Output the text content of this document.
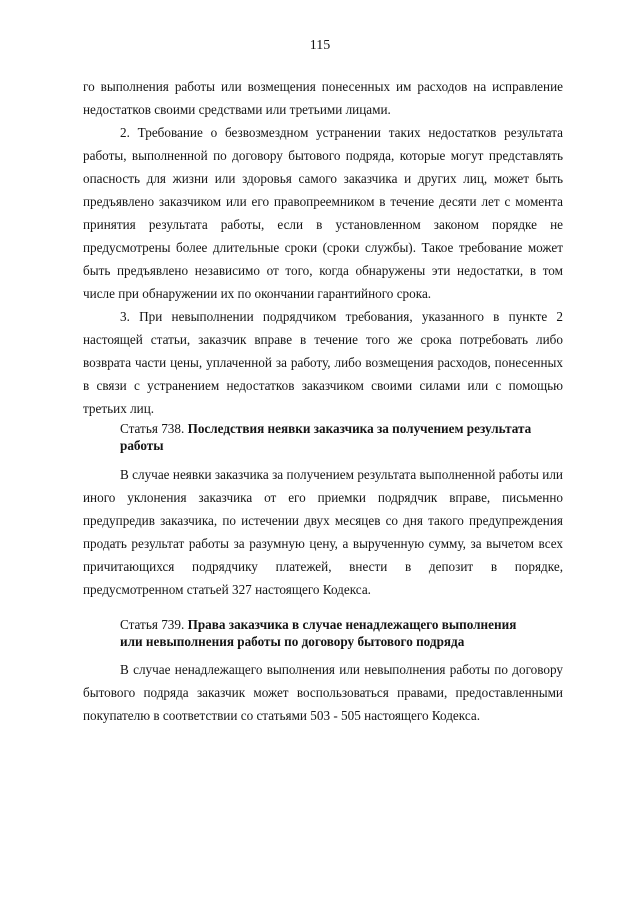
115

го выполнения работы или возмещения понесенных им расходов на исправление недостатков своими средствами или третьими лицами.

2. Требование о безвозмездном устранении таких недостатков результата работы, выполненной по договору бытового подряда, которые могут представлять опасность для жизни или здоровья самого заказчика и других лиц, может быть предъявлено заказчиком или его правопреемником в течение десяти лет с момента принятия результата работы, если в установленном законом порядке не предусмотрены более длительные сроки (сроки службы). Такое требование может быть предъявлено независимо от того, когда обнаружены эти недостатки, в том числе при обнаружении их по окончании гарантийного срока.

3. При невыполнении подрядчиком требования, указанного в пункте 2 настоящей статьи, заказчик вправе в течение того же срока потребовать либо возврата части цены, уплаченной за работу, либо возмещения расходов, понесенных в связи с устранением недостатков заказчиком своими силами или с помощью третьих лиц.

Статья 738. Последствия неявки заказчика за получением результата работы

В случае неявки заказчика за получением результата выполненной работы или иного уклонения заказчика от его приемки подрядчик вправе, письменно предупредив заказчика, по истечении двух месяцев со дня такого предупреждения продать результат работы за разумную цену, а вырученную сумму, за вычетом всех причитающихся подрядчику платежей, внести в депозит в порядке, предусмотренном статьей 327 настоящего Кодекса.

Статья 739. Права заказчика в случае ненадлежащего выполнения или невыполнения работы по договору бытового подряда

В случае ненадлежащего выполнения или невыполнения работы по договору бытового подряда заказчик может воспользоваться правами, предоставленными покупателю в соответствии со статьями 503 - 505 настоящего Кодекса.
